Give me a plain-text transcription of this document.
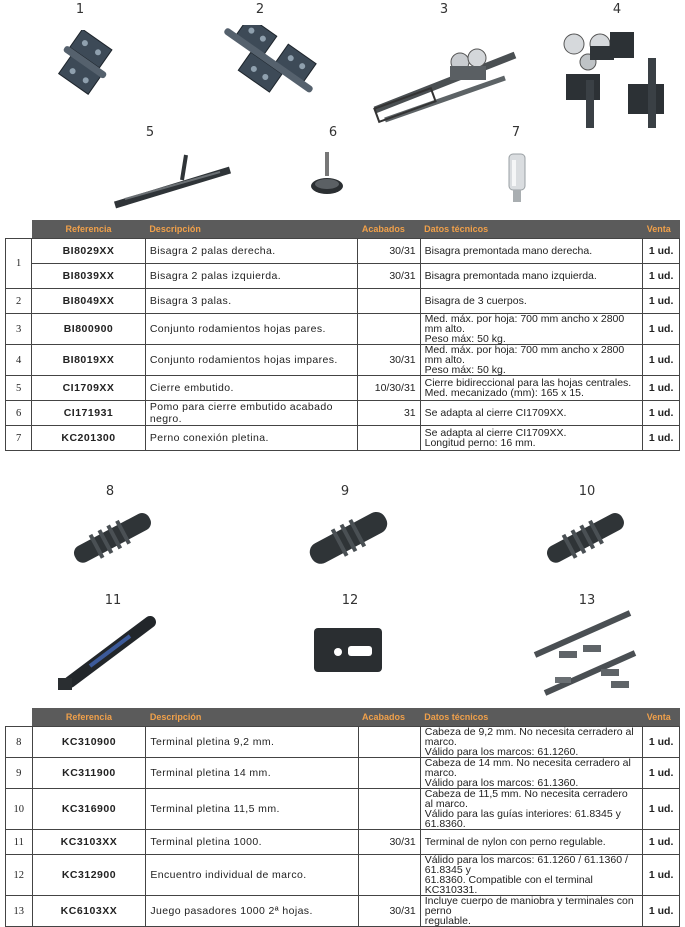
1	2	3	4
5	6	7
	Referencia	Descripción	Acabados	Datos técnicos	Venta
1	BI8029XX	Bisagra 2 palas derecha.	30/31	Bisagra premontada mano derecha.	1 ud.
	BI8039XX	Bisagra 2 palas izquierda.	30/31	Bisagra premontada mano izquierda.	1 ud.
2	BI8049XX	Bisagra 3 palas.		Bisagra de 3 cuerpos.	1 ud.
3	BI800900	Conjunto rodamientos hojas pares.		Med. máx. por hoja: 700 mm ancho x 2800 mm alto.
Peso máx: 50 kg.	1 ud.
4	BI8019XX	Conjunto rodamientos hojas impares.	30/31	Med. máx. por hoja: 700 mm ancho x 2800 mm alto.
Peso máx: 50 kg.	1 ud.
5	CI1709XX	Cierre embutido.	10/30/31	Cierre bidireccional para las hojas centrales.
Med. mecanizado (mm): 165 x 15.	1 ud.
6	CI171931	Pomo para cierre embutido acabado negro.	31	Se adapta al cierre CI1709XX.	1 ud.
7	KC201300	Perno conexión pletina.		Se adapta al cierre CI1709XX.
Longitud perno: 16 mm.	1 ud.
8	9	10
11	12	13
	Referencia	Descripción	Acabados	Datos técnicos	Venta
8	KC310900	Terminal pletina 9,2 mm.		Cabeza de 9,2 mm. No necesita cerradero al marco.
Válido para los marcos: 61.1260.	1 ud.
9	KC311900	Terminal pletina 14 mm.		Cabeza de 14 mm. No necesita cerradero al marco.
Válido para los marcos: 61.1360.	1 ud.
10	KC316900	Terminal pletina 11,5 mm.		Cabeza de 11,5 mm. No necesita cerradero al marco.
Válido para las guías interiores: 61.8345 y 61.8360.	1 ud.
11	KC3103XX	Terminal pletina 1000.	30/31	Terminal de nylon con perno regulable.	1 ud.
12	KC312900	Encuentro individual de marco.		Válido para los marcos: 61.1260 / 61.1360 / 61.8345 y
61.8360. Compatible con el terminal KC310331.	1 ud.
13	KC6103XX	Juego pasadores 1000 2ª hojas.	30/31	Incluye cuerpo de maniobra y terminales con perno
regulable.	1 ud.
